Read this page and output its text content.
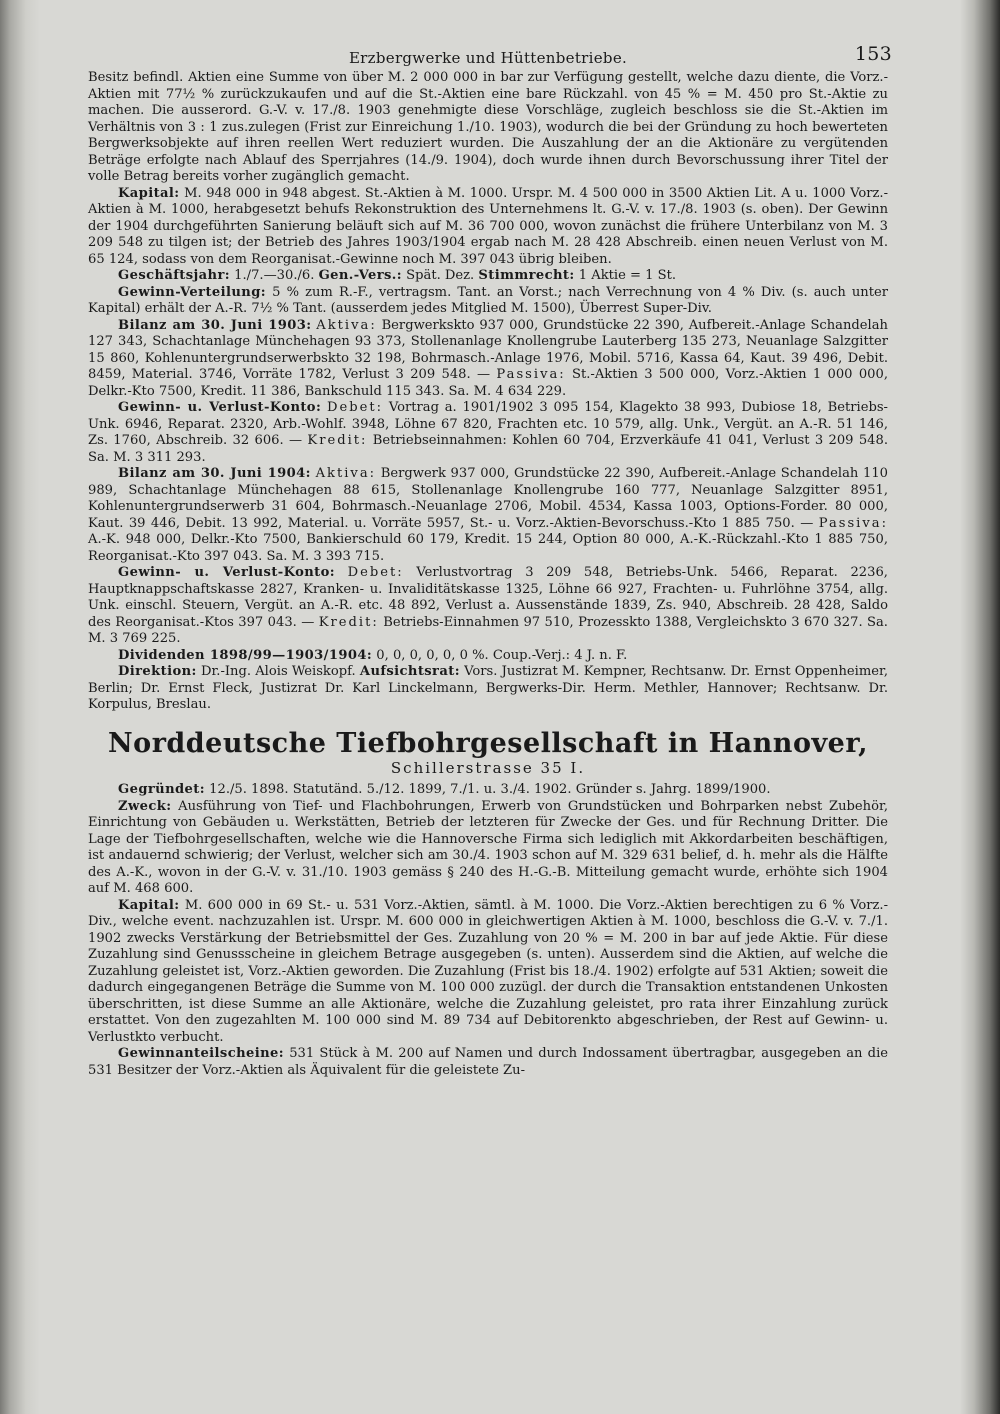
Erzbergwerke und Hüttenbetriebe.	153

Besitz befindl. Aktien eine Summe von über M. 2 000 000 in bar zur Verfügung gestellt, welche dazu diente, die Vorz.-Aktien mit 77½ % zurückzukaufen und auf die St.-Aktien eine bare Rückzahl. von 45 % = M. 450 pro St.-Aktie zu machen. Die ausserord. G.-V. v. 17./8. 1903 genehmigte diese Vorschläge, zugleich beschloss sie die St.-Aktien im Verhältnis von 3 : 1 zus.zulegen (Frist zur Einreichung 1./10. 1903), wodurch die bei der Gründung zu hoch bewerteten Bergwerksobjekte auf ihren reellen Wert reduziert wurden. Die Auszahlung der an die Aktionäre zu vergütenden Beträge erfolgte nach Ablauf des Sperrjahres (14./9. 1904), doch wurde ihnen durch Bevorschussung ihrer Titel der volle Betrag bereits vorher zugänglich gemacht.

Kapital: M. 948 000 in 948 abgest. St.-Aktien à M. 1000. Urspr. M. 4 500 000 in 3500 Aktien Lit. A u. 1000 Vorz.-Aktien à M. 1000, herabgesetzt behufs Rekonstruktion des Unternehmens lt. G.-V. v. 17./8. 1903 (s. oben). Der Gewinn der 1904 durchgeführten Sanierung beläuft sich auf M. 36 700 000, wovon zunächst die frühere Unterbilanz von M. 3 209 548 zu tilgen ist; der Betrieb des Jahres 1903/1904 ergab nach M. 28 428 Abschreib. einen neuen Verlust von M. 65 124, sodass von dem Reorganisat.-Gewinne noch M. 397 043 übrig bleiben.

Geschäftsjahr: 1./7.—30./6. Gen.-Vers.: Spät. Dez. Stimmrecht: 1 Aktie = 1 St.

Gewinn-Verteilung: 5 % zum R.-F., vertragsm. Tant. an Vorst.; nach Verrechnung von 4 % Div. (s. auch unter Kapital) erhält der A.-R. 7½ % Tant. (ausserdem jedes Mitglied M. 1500), Überrest Super-Div.

Bilanz am 30. Juni 1903: Aktiva: Bergwerksktо 937 000, Grundstücke 22 390, Aufbereit.-Anlage Schandelah 127 343, Schachtanlage Münchehagen 93 373, Stollenanlage Knollengrube Lauterberg 135 273, Neuanlage Salzgitter 15 860, Kohlenuntergrundserwerbskto 32 198, Bohrmasch.-Anlage 1976, Mobil. 5716, Kassa 64, Kaut. 39 496, Debit. 8459, Material. 3746, Vorräte 1782, Verlust 3 209 548. — Passiva: St.-Aktien 3 500 000, Vorz.-Aktien 1 000 000, Delkr.-Kto 7500, Kredit. 11 386, Bankschuld 115 343. Sa. M. 4 634 229.

Gewinn- u. Verlust-Konto: Debet: Vortrag a. 1901/1902 3 095 154, Klagekto 38 993, Dubiose 18, Betriebs-Unk. 6946, Reparat. 2320, Arb.-Wohlf. 3948, Löhne 67 820, Frachten etc. 10 579, allg. Unk., Vergüt. an A.-R. 51 146, Zs. 1760, Abschreib. 32 606. — Kredit: Betriebseinnahmen: Kohlen 60 704, Erzverkäufe 41 041, Verlust 3 209 548. Sa. M. 3 311 293.

Bilanz am 30. Juni 1904: Aktiva: Bergwerk 937 000, Grundstücke 22 390, Aufbereit.-Anlage Schandelah 110 989, Schachtanlage Münchehagen 88 615, Stollenanlage Knollengrube 160 777, Neuanlage Salzgitter 8951, Kohlenuntergrundserwerb 31 604, Bohrmasch.-Neuanlage 2706, Mobil. 4534, Kassa 1003, Options-Forder. 80 000, Kaut. 39 446, Debit. 13 992, Material. u. Vorräte 5957, St.- u. Vorz.-Aktien-Bevorschuss.-Kto 1 885 750. — Passiva: A.-K. 948 000, Delkr.-Kto 7500, Bankierschuld 60 179, Kredit. 15 244, Option 80 000, A.-K.-Rückzahl.-Kto 1 885 750, Reorganisat.-Kto 397 043. Sa. M. 3 393 715.

Gewinn- u. Verlust-Konto: Debet: Verlustvortrag 3 209 548, Betriebs-Unk. 5466, Reparat. 2236, Hauptknappschaftskasse 2827, Kranken- u. Invaliditätskasse 1325, Löhne 66 927, Frachten- u. Fuhrlöhne 3754, allg. Unk. einschl. Steuern, Vergüt. an A.-R. etc. 48 892, Verlust a. Aussenstände 1839, Zs. 940, Abschreib. 28 428, Saldo des Reorganisat.-Ktos 397 043. — Kredit: Betriebs-Einnahmen 97 510, Prozesskto 1388, Vergleichskto 3 670 327. Sa. M. 3 769 225.

Dividenden 1898/99—1903/1904: 0, 0, 0, 0, 0, 0 %. Coup.-Verj.: 4 J. n. F.

Direktion: Dr.-Ing. Alois Weiskopf. Aufsichtsrat: Vors. Justizrat M. Kempner, Rechtsanw. Dr. Ernst Oppenheimer, Berlin; Dr. Ernst Fleck, Justizrat Dr. Karl Linckelmann, Bergwerks-Dir. Herm. Methler, Hannover; Rechtsanw. Dr. Korpulus, Breslau.

Norddeutsche Tiefbohrgesellschaft in Hannover,
Schillerstrasse 35 I.

Gegründet: 12./5. 1898. Statutänd. 5./12. 1899, 7./1. u. 3./4. 1902. Gründer s. Jahrg. 1899/1900.

Zweck: Ausführung von Tief- und Flachbohrungen, Erwerb von Grundstücken und Bohrparken nebst Zubehör, Einrichtung von Gebäuden u. Werkstätten, Betrieb der letzteren für Zwecke der Ges. und für Rechnung Dritter. Die Lage der Tiefbohrgesellschaften, welche wie die Hannoversche Firma sich lediglich mit Akkordarbeiten beschäftigen, ist andauernd schwierig; der Verlust, welcher sich am 30./4. 1903 schon auf M. 329 631 belief, d. h. mehr als die Hälfte des A.-K., wovon in der G.-V. v. 31./10. 1903 gemäss § 240 des H.-G.-B. Mitteilung gemacht wurde, erhöhte sich 1904 auf M. 468 600.

Kapital: M. 600 000 in 69 St.- u. 531 Vorz.-Aktien, sämtl. à M. 1000. Die Vorz.-Aktien berechtigen zu 6 % Vorz.-Div., welche event. nachzuzahlen ist. Urspr. M. 600 000 in gleichwertigen Aktien à M. 1000, beschloss die G.-V. v. 7./1. 1902 zwecks Verstärkung der Betriebsmittel der Ges. Zuzahlung von 20 % = M. 200 in bar auf jede Aktie. Für diese Zuzahlung sind Genussscheine in gleichem Betrage ausgegeben (s. unten). Ausserdem sind die Aktien, auf welche die Zuzahlung geleistet ist, Vorz.-Aktien geworden. Die Zuzahlung (Frist bis 18./4. 1902) erfolgte auf 531 Aktien; soweit die dadurch eingegangenen Beträge die Summe von M. 100 000 zuzügl. der durch die Transaktion entstandenen Unkosten überschritten, ist diese Summe an alle Aktionäre, welche die Zuzahlung geleistet, pro rata ihrer Einzahlung zurück erstattet. Von den zugezahlten M. 100 000 sind M. 89 734 auf Debitorenkto abgeschrieben, der Rest auf Gewinn- u. Verlustkto verbucht.

Gewinnanteilscheine: 531 Stück à M. 200 auf Namen und durch Indossament übertragbar, ausgegeben an die 531 Besitzer der Vorz.-Aktien als Äquivalent für die geleistete Zu-
